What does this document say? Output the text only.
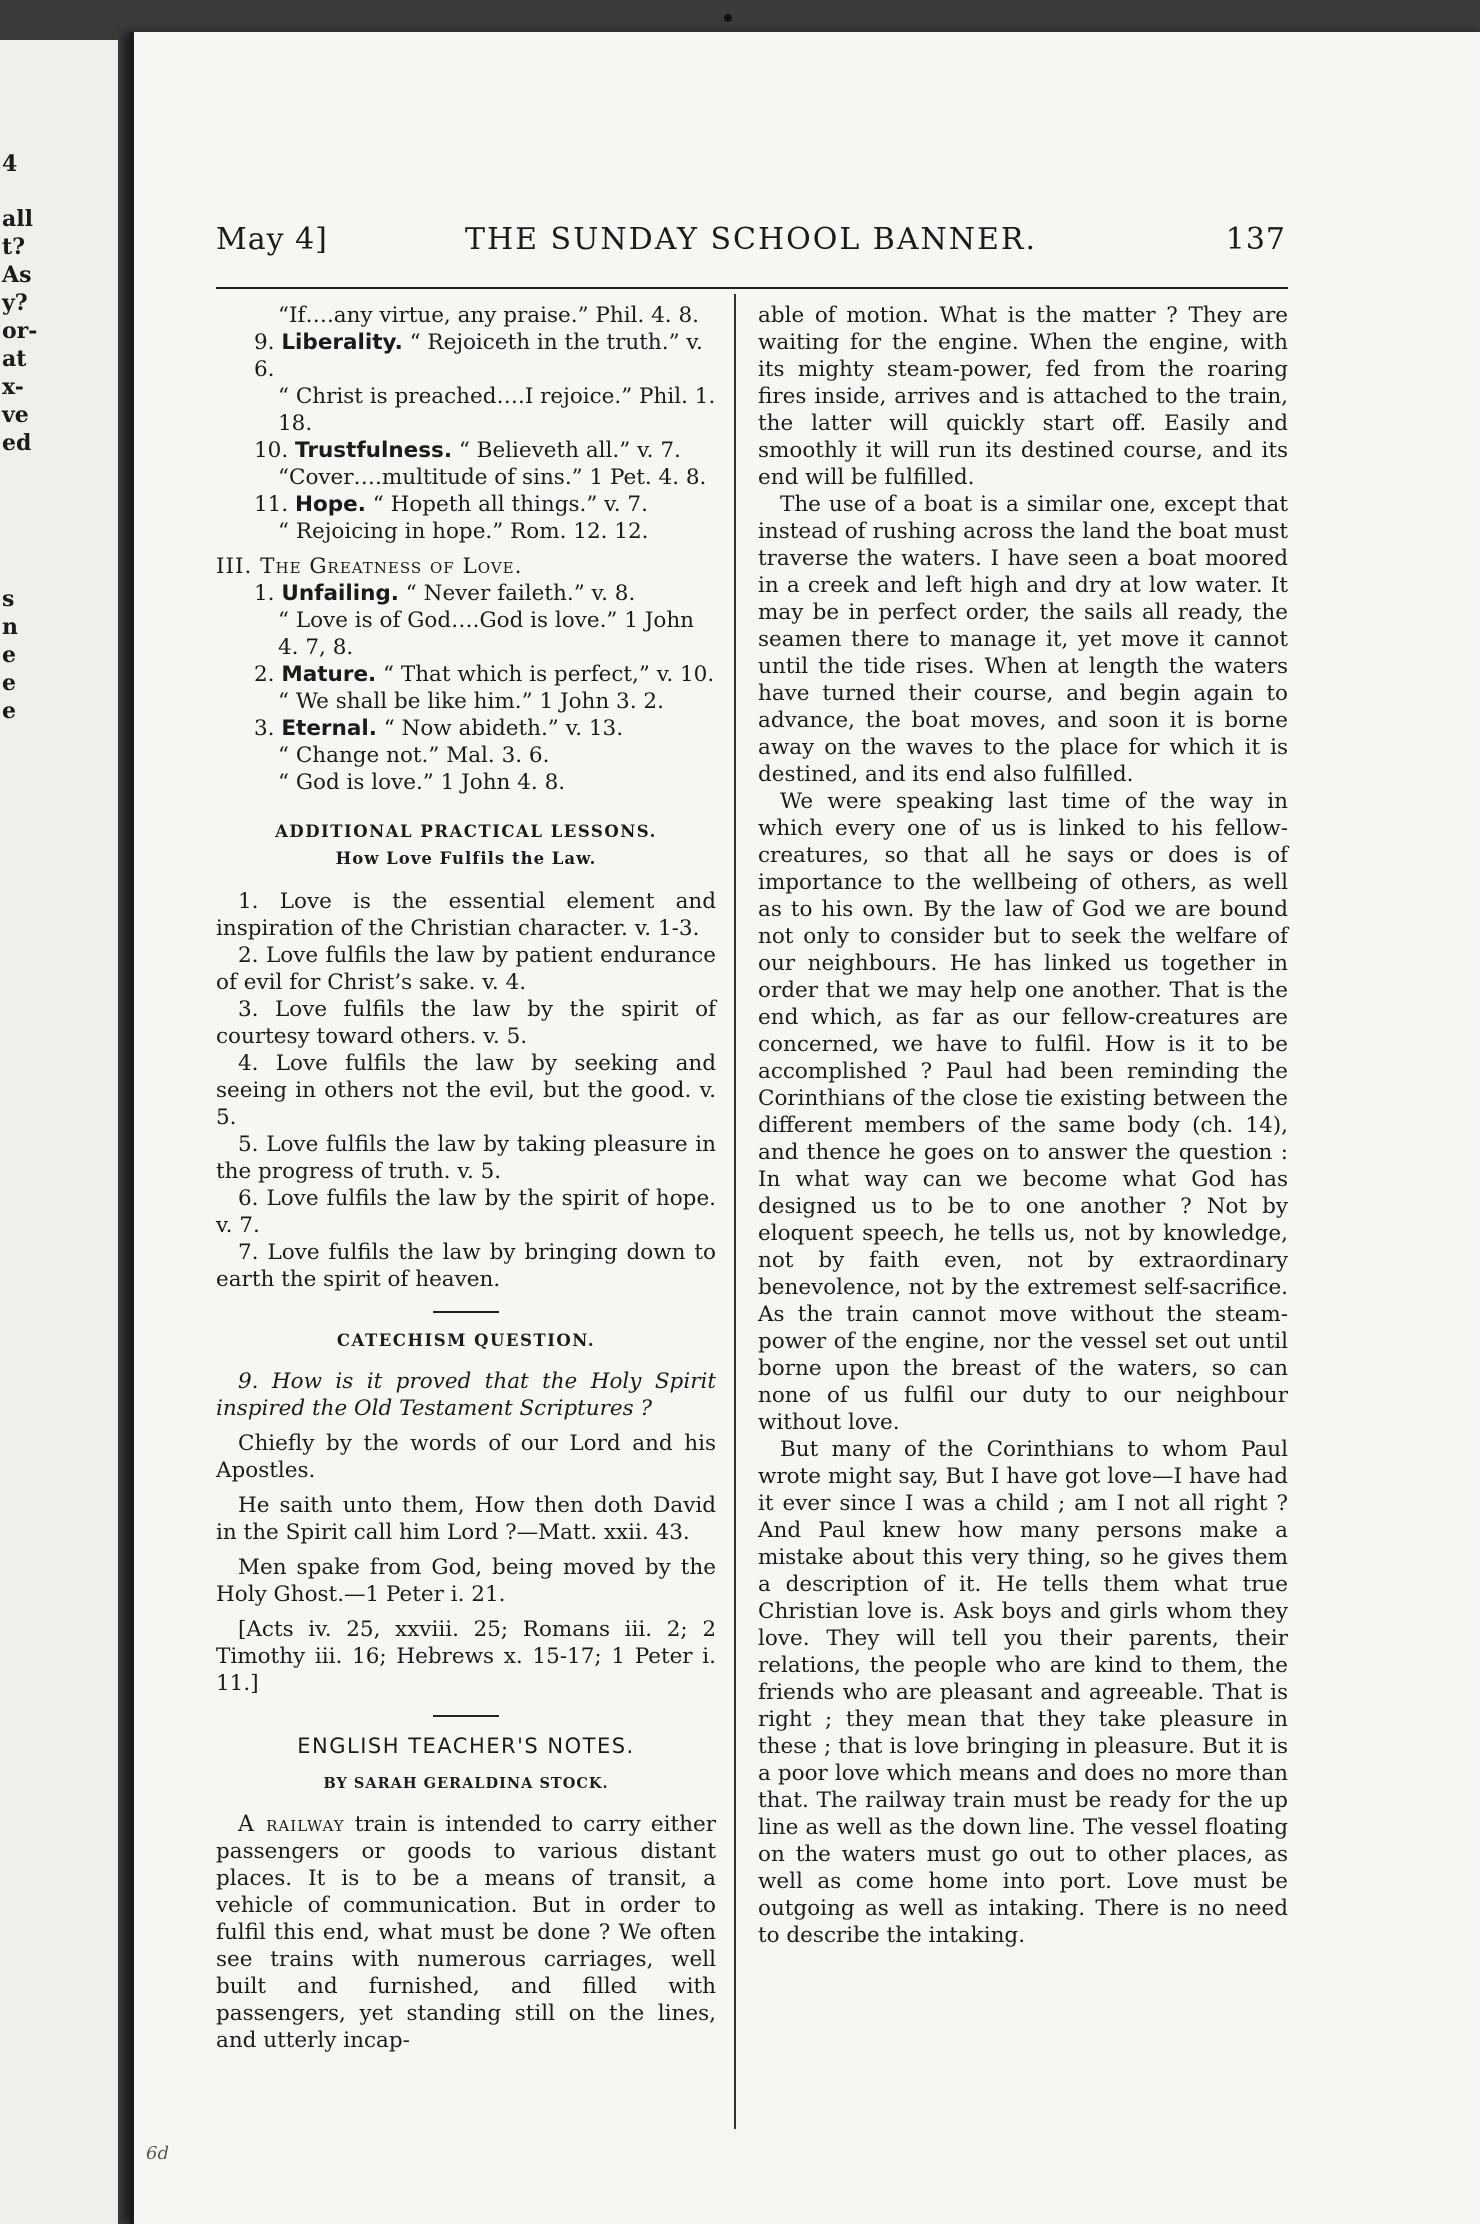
4
all
t?
As
y?
or-
at
x-
ve
ed
s
n
e
e
e
May 4]	THE SUNDAY SCHOOL BANNER.	137
“If….any virtue, any praise.” Phil. 4. 8.
9. Liberality. “ Rejoiceth in the truth.” v. 6.
“ Christ is preached….I rejoice.” Phil. 1. 18.
10. Trustfulness. “ Believeth all.” v. 7.
“Cover….multitude of sins.” 1 Pet. 4. 8.
11. Hope. “ Hopeth all things.” v. 7.
“ Rejoicing in hope.” Rom. 12. 12.
III. The Greatness of Love.
1. Unfailing. “ Never faileth.” v. 8.
“ Love is of God….God is love.” 1 John 4. 7, 8.
2. Mature. “ That which is perfect,” v. 10.
“ We shall be like him.” 1 John 3. 2.
3. Eternal. “ Now abideth.” v. 13.
“ Change not.” Mal. 3. 6.
“ God is love.” 1 John 4. 8.
ADDITIONAL PRACTICAL LESSONS.
How Love Fulfils the Law.

1. Love is the essential element and inspiration of the Christian character. v. 1-3.

2. Love fulfils the law by patient endurance of evil for Christ’s sake. v. 4.

3. Love fulfils the law by the spirit of courtesy toward others. v. 5.

4. Love fulfils the law by seeking and seeing in others not the evil, but the good. v. 5.

5. Love fulfils the law by taking pleasure in the progress of truth. v. 5.

6. Love fulfils the law by the spirit of hope. v. 7.

7. Love fulfils the law by bringing down to earth the spirit of heaven.

CATECHISM QUESTION.

9. How is it proved that the Holy Spirit inspired the Old Testament Scriptures ?

Chiefly by the words of our Lord and his Apostles.

He saith unto them, How then doth David in the Spirit call him Lord ?—Matt. xxii. 43.

Men spake from God, being moved by the Holy Ghost.—1 Peter i. 21.

[Acts iv. 25, xxviii. 25; Romans iii. 2; 2 Timothy iii. 16; Hebrews x. 15-17; 1 Peter i. 11.]

ENGLISH TEACHER'S NOTES.
BY SARAH GERALDINA STOCK.

A railway train is intended to carry either passengers or goods to various distant places. It is to be a means of transit, a vehicle of communication. But in order to fulfil this end, what must be done ? We often see trains with numerous carriages, well built and furnished, and filled with passengers, yet standing still on the lines, and utterly incap-

able of motion. What is the matter ? They are waiting for the engine. When the engine, with its mighty steam-power, fed from the roaring fires inside, arrives and is attached to the train, the latter will quickly start off. Easily and smoothly it will run its destined course, and its end will be fulfilled.

The use of a boat is a similar one, except that instead of rushing across the land the boat must traverse the waters. I have seen a boat moored in a creek and left high and dry at low water. It may be in perfect order, the sails all ready, the seamen there to manage it, yet move it cannot until the tide rises. When at length the waters have turned their course, and begin again to advance, the boat moves, and soon it is borne away on the waves to the place for which it is destined, and its end also fulfilled.

We were speaking last time of the way in which every one of us is linked to his fellow-creatures, so that all he says or does is of importance to the wellbeing of others, as well as to his own. By the law of God we are bound not only to consider but to seek the welfare of our neighbours. He has linked us together in order that we may help one another. That is the end which, as far as our fellow-creatures are concerned, we have to fulfil. How is it to be accomplished ? Paul had been reminding the Corinthians of the close tie existing between the different members of the same body (ch. 14), and thence he goes on to answer the question : In what way can we become what God has designed us to be to one another ? Not by eloquent speech, he tells us, not by knowledge, not by faith even, not by extraordinary benevolence, not by the extremest self-sacrifice. As the train cannot move without the steam-power of the engine, nor the vessel set out until borne upon the breast of the waters, so can none of us fulfil our duty to our neighbour without love.

But many of the Corinthians to whom Paul wrote might say, But I have got love—I have had it ever since I was a child ; am I not all right ? And Paul knew how many persons make a mistake about this very thing, so he gives them a description of it. He tells them what true Christian love is. Ask boys and girls whom they love. They will tell you their parents, their relations, the people who are kind to them, the friends who are pleasant and agreeable. That is right ; they mean that they take pleasure in these ; that is love bringing in pleasure. But it is a poor love which means and does no more than that. The railway train must be ready for the up line as well as the down line. The vessel floating on the waters must go out to other places, as well as come home into port. Love must be outgoing as well as intaking. There is no need to describe the intaking.

6d
